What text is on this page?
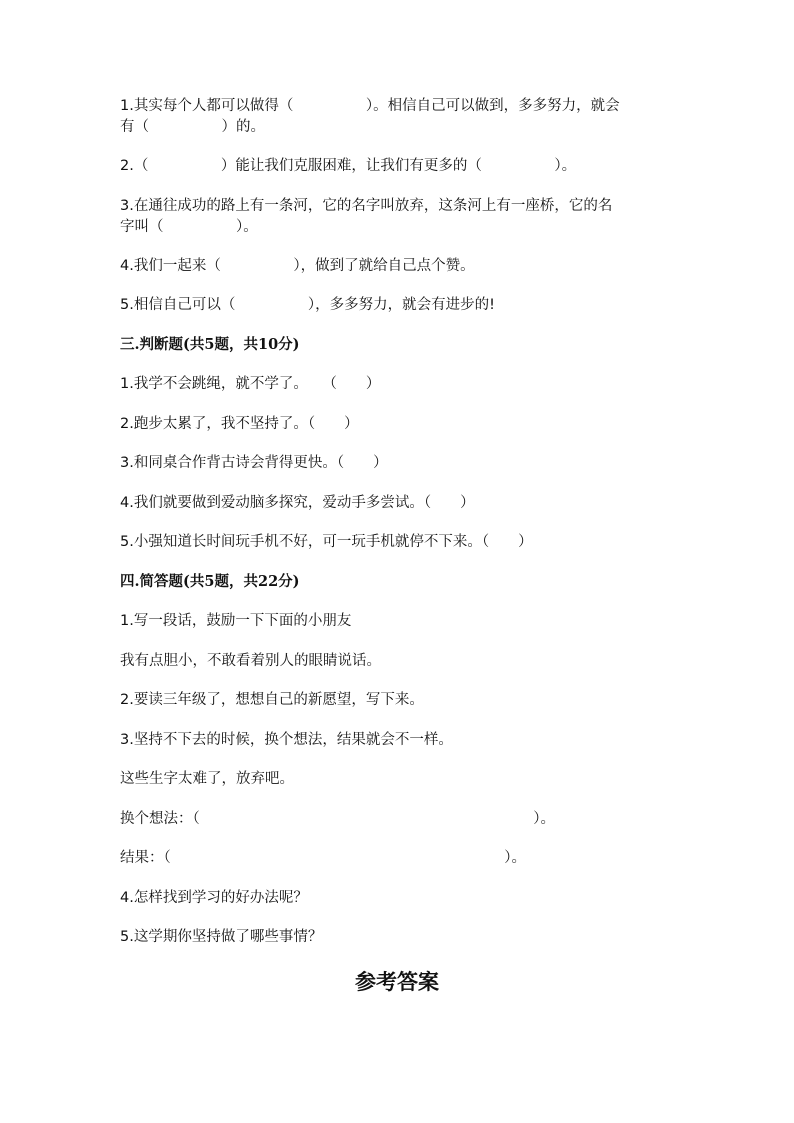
1.其实每个人都可以做得（　　　　　）。相信自己可以做到，多多努力，就会
有（　　　　　）的。
2.（　　　　　）能让我们克服困难，让我们有更多的（　　　　　）。
3.在通往成功的路上有一条河，它的名字叫放弃，这条河上有一座桥，它的名
字叫（　　　　　）。
4.我们一起来（　　　　　），做到了就给自己点个赞。
5.相信自己可以（　　　　　），多多努力，就会有进步的!
三.判断题(共5题，共10分)
1.我学不会跳绳，就不学了。　　（　　）
2.跑步太累了，我不坚持了。（　　）
3.和同桌合作背古诗会背得更快。（　　）
4.我们就要做到爱动脑多探究，爱动手多尝试。（　　）
5.小强知道长时间玩手机不好，可一玩手机就停不下来。（　　）
四.简答题(共5题，共22分)
1.写一段话，鼓励一下下面的小朋友
我有点胆小，不敢看着别人的眼睛说话。
2.要读三年级了，想想自己的新愿望，写下来。
3.坚持不下去的时候，换个想法，结果就会不一样。
这些生字太难了，放弃吧。
换个想法：（　　　　　　　　　　　　　　　　　　　　　　　）。
结果：（　　　　　　　　　　　　　　　　　　　　　　　）。
4.怎样找到学习的好办法呢？
5.这学期你坚持做了哪些事情？
参考答案
